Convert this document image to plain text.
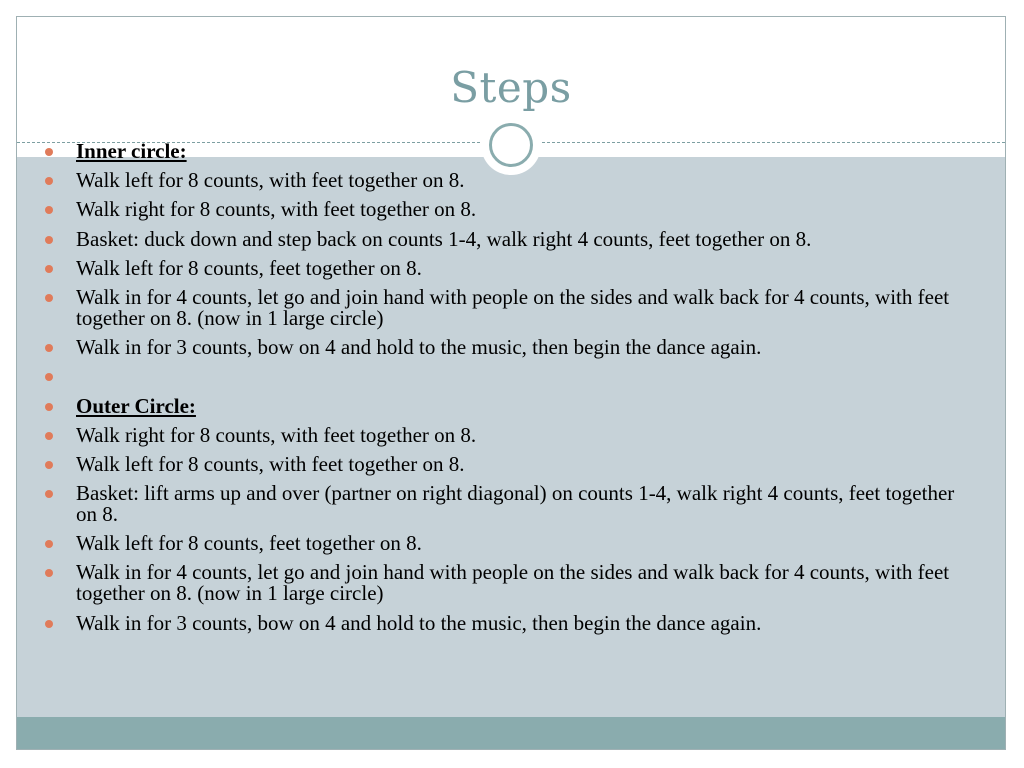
Steps
Inner circle:
Walk left for 8 counts, with feet together on 8.
Walk right for 8 counts, with feet together on 8.
Basket: duck down and step back on counts 1-4, walk right 4 counts, feet together on 8.
Walk left for 8 counts, feet together on 8.
Walk in for 4 counts, let go and join hand with people on the sides and walk back for 4 counts, with feet together on 8. (now in 1 large circle)
Walk in for 3 counts, bow on 4 and hold to the music, then begin the dance again.
Outer Circle:
Walk right for 8 counts, with feet together on 8.
Walk left for 8 counts, with feet together on 8.
Basket: lift arms up and over (partner on right diagonal) on counts 1-4, walk right 4 counts, feet together on 8.
Walk left for 8 counts, feet together on 8.
Walk in for 4 counts, let go and join hand with people on the sides and walk back for 4 counts, with feet together on 8. (now in 1 large circle)
Walk in for 3 counts, bow on 4 and hold to the music, then begin the dance again.
